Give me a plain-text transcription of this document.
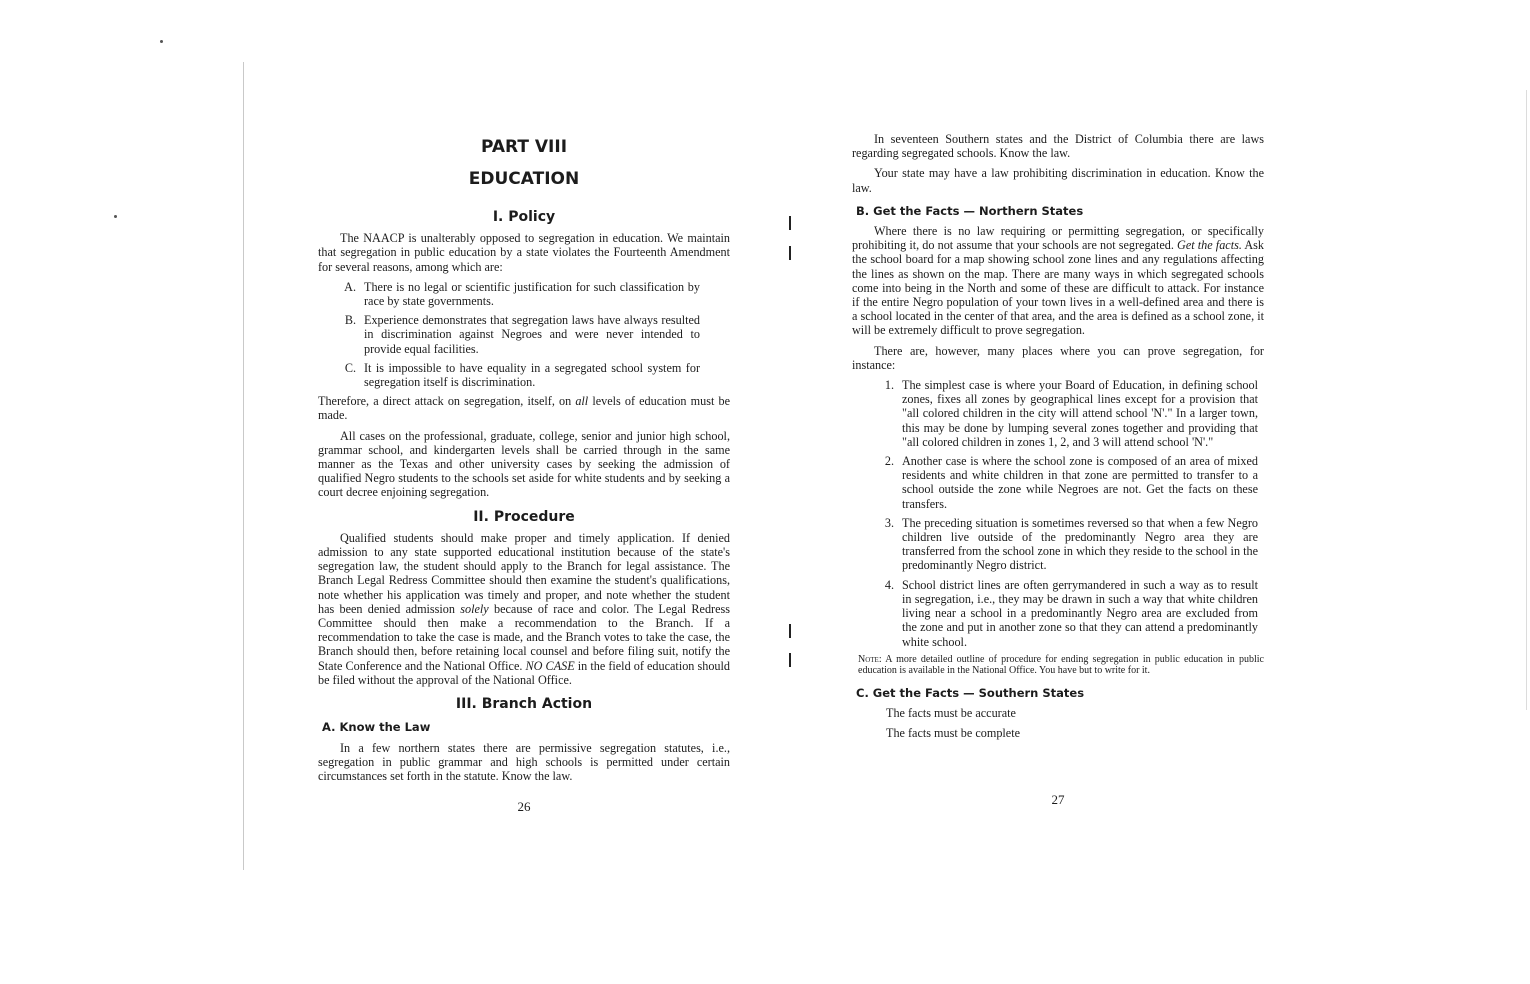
PART VIII
EDUCATION
I. Policy

The NAACP is unalterably opposed to segregation in education. We maintain that segregation in public education by a state violates the Fourteenth Amendment for several reasons, among which are:

A. There is no legal or scientific justification for such classification by race by state governments.
B. Experience demonstrates that segregation laws have always resulted in discrimination against Negroes and were never intended to provide equal facilities.
C. It is impossible to have equality in a segregated school system for segregation itself is discrimination.

Therefore, a direct attack on segregation, itself, on all levels of education must be made.

All cases on the professional, graduate, college, senior and junior high school, grammar school, and kindergarten levels shall be carried through in the same manner as the Texas and other university cases by seeking the admission of qualified Negro students to the schools set aside for white students and by seeking a court decree enjoining segregation.

II. Procedure

Qualified students should make proper and timely application. If denied admission to any state supported educational institution because of the state's segregation law, the student should apply to the Branch for legal assistance. The Branch Legal Redress Committee should then examine the student's qualifications, note whether his application was timely and proper, and note whether the student has been denied admission solely because of race and color. The Legal Redress Committee should then make a recommendation to the Branch. If a recommendation to take the case is made, and the Branch votes to take the case, the Branch should then, before retaining local counsel and before filing suit, notify the State Conference and the National Office. NO CASE in the field of education should be filed without the approval of the National Office.

III. Branch Action
A. Know the Law

In a few northern states there are permissive segregation statutes, i.e., segregation in public grammar and high schools is permitted under certain circumstances set forth in the statute. Know the law.

26

In seventeen Southern states and the District of Columbia there are laws regarding segregated schools. Know the law.

Your state may have a law prohibiting discrimination in education. Know the law.

B. Get the Facts — Northern States

Where there is no law requiring or permitting segregation, or specifically prohibiting it, do not assume that your schools are not segregated. Get the facts. Ask the school board for a map showing school zone lines and any regulations affecting the lines as shown on the map. There are many ways in which segregated schools come into being in the North and some of these are difficult to attack. For instance if the entire Negro population of your town lives in a well-defined area and there is a school located in the center of that area, and the area is defined as a school zone, it will be extremely difficult to prove segregation.

There are, however, many places where you can prove segregation, for instance:

1. The simplest case is where your Board of Education, in defining school zones, fixes all zones by geographical lines except for a provision that "all colored children in the city will attend school 'N'." In a larger town, this may be done by lumping several zones together and providing that "all colored children in zones 1, 2, and 3 will attend school 'N'."
2. Another case is where the school zone is composed of an area of mixed residents and white children in that zone are permitted to transfer to a school outside the zone while Negroes are not. Get the facts on these transfers.
3. The preceding situation is sometimes reversed so that when a few Negro children live outside of the predominantly Negro area they are transferred from the school zone in which they reside to the school in the predominantly Negro district.
4. School district lines are often gerrymandered in such a way as to result in segregation, i.e., they may be drawn in such a way that white children living near a school in a predominantly Negro area are excluded from the zone and put in another zone so that they can attend a predominantly white school.

Note: A more detailed outline of procedure for ending segregation in public education in public education is available in the National Office. You have but to write for it.

C. Get the Facts — Southern States

The facts must be accurate

The facts must be complete

27
